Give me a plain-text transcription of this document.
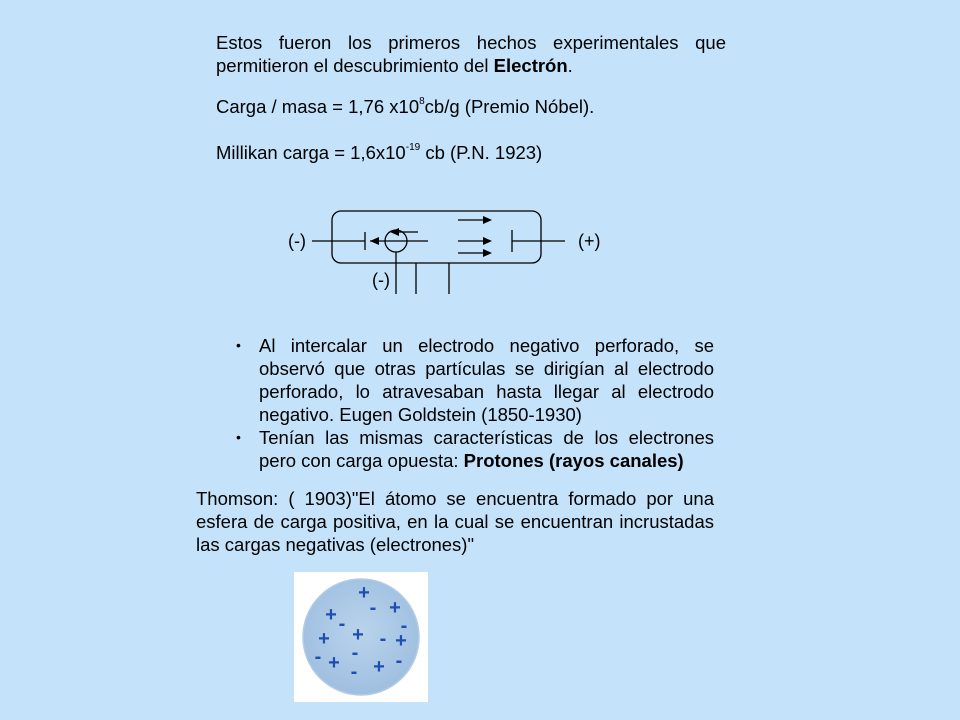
Estos fueron los primeros hechos experimentales que permitieron el descubrimiento del Electrón.

Carga / masa = 1,76 $x10^8cb/g$ (Premio Nóbel).

Millikan carga = $1,6x10^{-19}$ cb (P.N. 1923)

(-)	(+)
(-)
• Al intercalar un electrodo negativo perforado, se observó que otras partículas se dirigían al electrodo perforado, lo atravesaban hasta llegar al electrodo negativo. Eugen Goldstein (1850-1930)
• Tenían las mismas características de los electrones pero con carga opuesta: Protones (rayos canales)

Thomson: ( 1903)"El átomo se encuentra formado por una esfera de carga positiva, en la cual se encuentran incrustadas las cargas negativas (electrones)"

+
+ - +
-	-
+
+ - +
-
- +	-
+
-
